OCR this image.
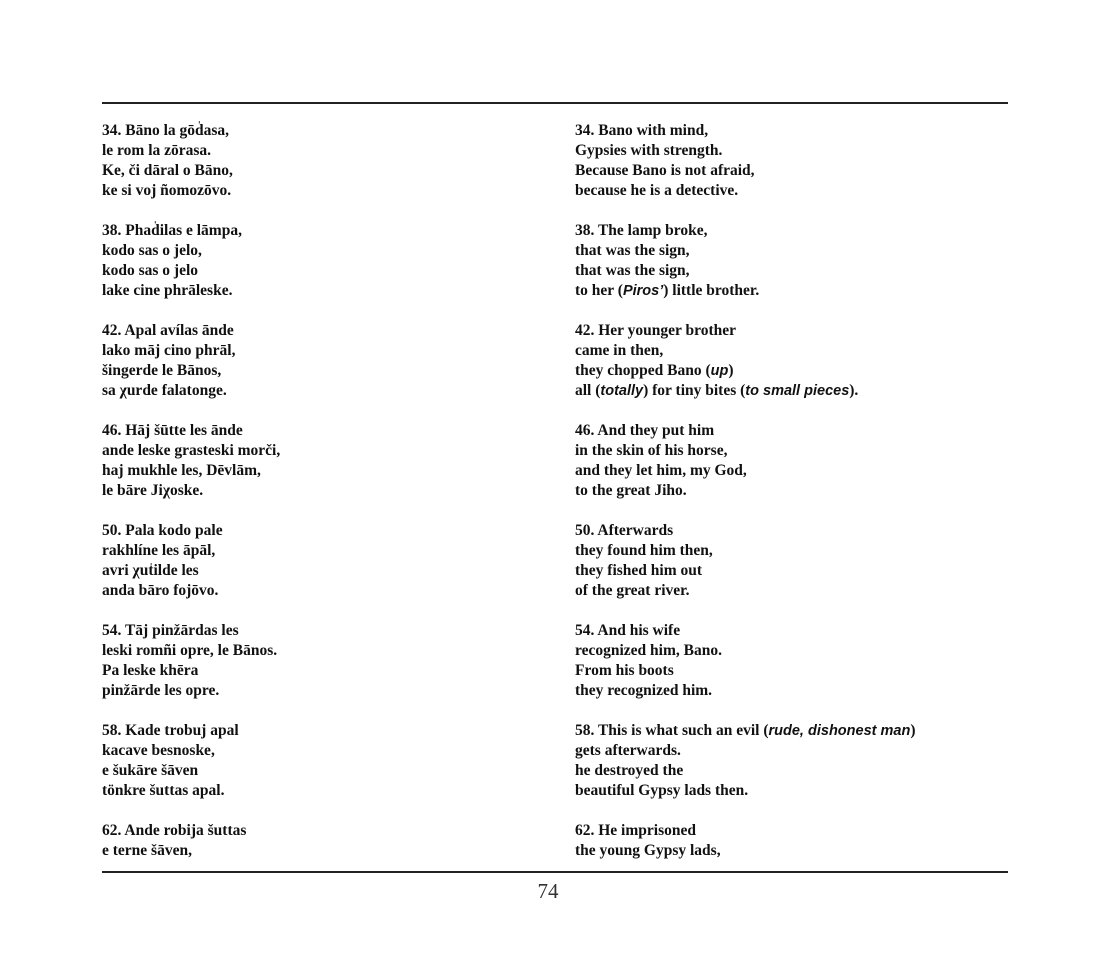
34. Bāno la gōd̍asa,
le rom la zōrasa.
Ke, či dāral o Bāno,
ke si voj ñomozōvo.
38. Phad̍ilas e lāmpa,
kodo sas o jelo,
kodo sas o jelo
lake cine phrāleske.
42. Apal avílas ānde
lako māj cino phrāl,
šingerde le Bānos,
sa χurde falatonge.
46. Hāj šūtte les ānde
ande leske grasteski morči,
haj mukhle les, Dēvlām,
le bāre Jiχoske.
50. Pala kodo pale
rakhlíne les āpāl,
avri χut̍ilde les
anda bāro fojōvo.
54. Tāj pinžārdas les
leski romñi opre, le Bānos.
Pa leske khēra
pinžārde les opre.
58. Kade trobuj apal
kacave besnoske,
e šukāre šāven
tönkre šuttas apal.
62. Ande robija šuttas
e terne šāven,
34. Bano with mind,
Gypsies with strength.
Because Bano is not afraid,
because he is a detective.
38. The lamp broke,
that was the sign,
that was the sign,
to her (Piros’) little brother.
42. Her younger brother
came in then,
they chopped Bano (up)
all (totally) for tiny bites (to small pieces).
46. And they put him
in the skin of his horse,
and they let him, my God,
to the great Jiho.
50. Afterwards
they found him then,
they fished him out
of the great river.
54. And his wife
recognized him, Bano.
From his boots
they recognized him.
58. This is what such an evil (rude, dishonest man)
gets afterwards.
he destroyed the
beautiful Gypsy lads then.
62. He imprisoned
the young Gypsy lads,
74
